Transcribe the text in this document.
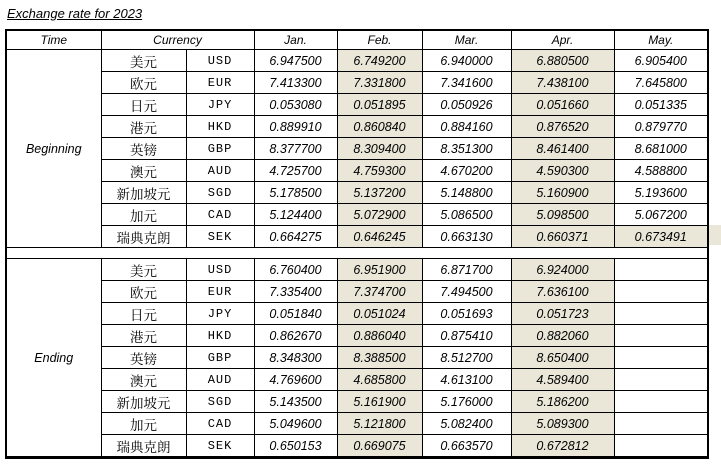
Exchange rate for 2023
Time	Currency		Jan.	Feb.	Mar.	Apr.	May.
Beginning	美元	USD	6.947500	6.749200	6.940000	6.880500	6.905400
	欧元	EUR	7.413300	7.331800	7.341600	7.438100	7.645800
	日元	JPY	0.053080	0.051895	0.050926	0.051660	0.051335
	港元	HKD	0.889910	0.860840	0.884160	0.876520	0.879770
	英镑	GBP	8.377700	8.309400	8.351300	8.461400	8.681000
	澳元	AUD	4.725700	4.759300	4.670200	4.590300	4.588800
	新加坡元	SGD	5.178500	5.137200	5.148800	5.160900	5.193600
	加元	CAD	5.124400	5.072900	5.086500	5.098500	5.067200
	瑞典克朗	SEK	0.664275	0.646245	0.663130	0.660371	0.673491

Ending	美元	USD	6.760400	6.951900	6.871700	6.924000	
	欧元	EUR	7.335400	7.374700	7.494500	7.636100	
	日元	JPY	0.051840	0.051024	0.051693	0.051723	
	港元	HKD	0.862670	0.886040	0.875410	0.882060	
	英镑	GBP	8.348300	8.388500	8.512700	8.650400	
	澳元	AUD	4.769600	4.685800	4.613100	4.589400	
	新加坡元	SGD	5.143500	5.161900	5.176000	5.186200	
	加元	CAD	5.049600	5.121800	5.082400	5.089300	
	瑞典克朗	SEK	0.650153	0.669075	0.663570	0.672812	
